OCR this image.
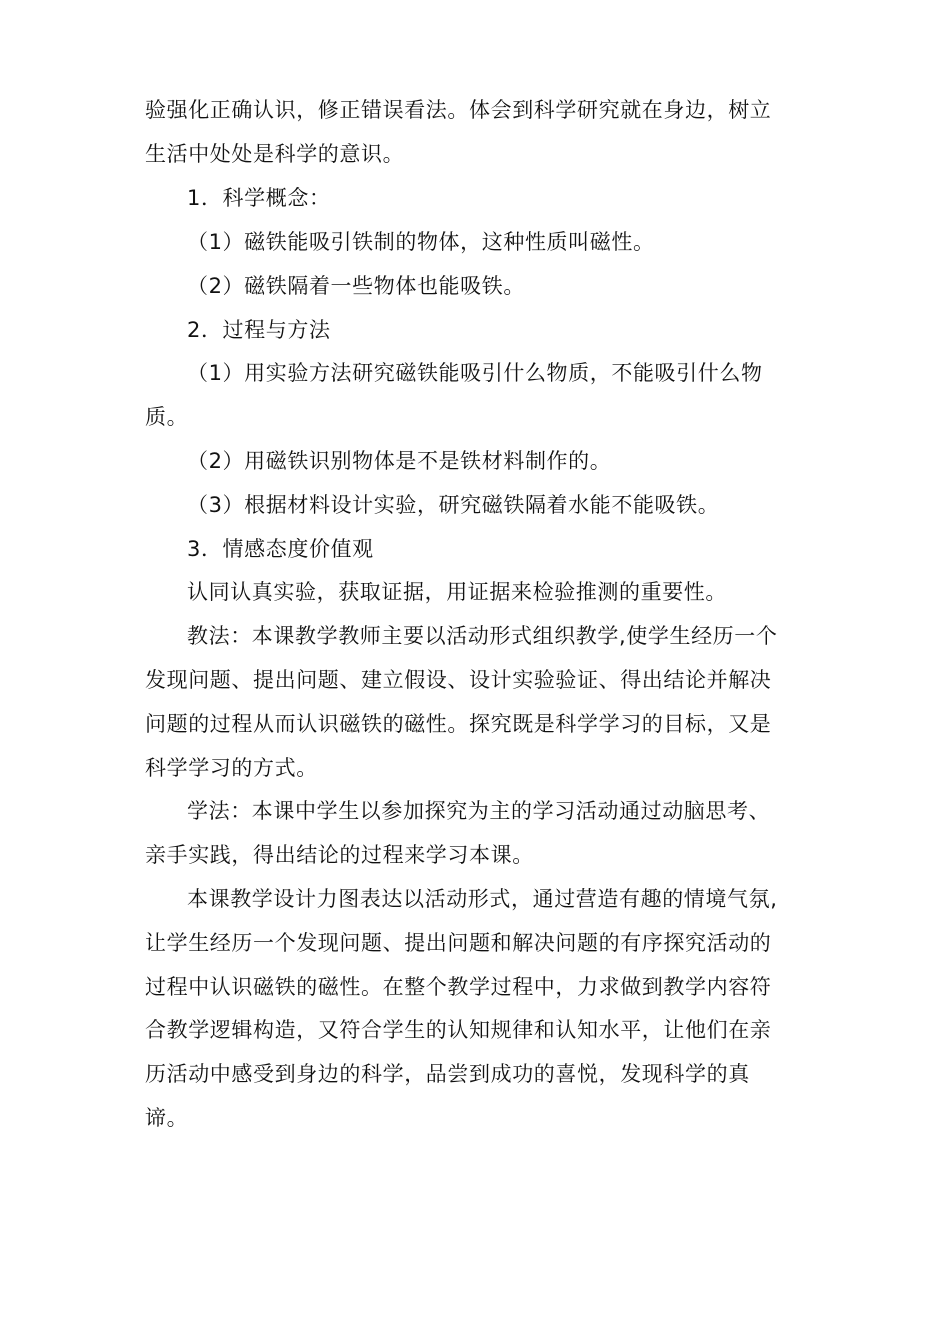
验强化正确认识，修正错误看法。体会到科学研究就在身边，树立
生活中处处是科学的意识。
1．科学概念：
（1）磁铁能吸引铁制的物体，这种性质叫磁性。
（2）磁铁隔着一些物体也能吸铁。
2．过程与方法
（1）用实验方法研究磁铁能吸引什么物质，不能吸引什么物
质。
（2）用磁铁识别物体是不是铁材料制作的。
（3）根据材料设计实验，研究磁铁隔着水能不能吸铁。
3．情感态度价值观
认同认真实验，获取证据，用证据来检验推测的重要性。
教法：本课教学教师主要以活动形式组织教学,使学生经历一个
发现问题、提出问题、建立假设、设计实验验证、得出结论并解决
问题的过程从而认识磁铁的磁性。探究既是科学学习的目标，又是
科学学习的方式。
学法：本课中学生以参加探究为主的学习活动通过动脑思考、
亲手实践，得出结论的过程来学习本课。
本课教学设计力图表达以活动形式，通过营造有趣的情境气氛,
让学生经历一个发现问题、提出问题和解决问题的有序探究活动的
过程中认识磁铁的磁性。在整个教学过程中，力求做到教学内容符
合教学逻辑构造，又符合学生的认知规律和认知水平，让他们在亲
历活动中感受到身边的科学，品尝到成功的喜悦，发现科学的真
谛。
